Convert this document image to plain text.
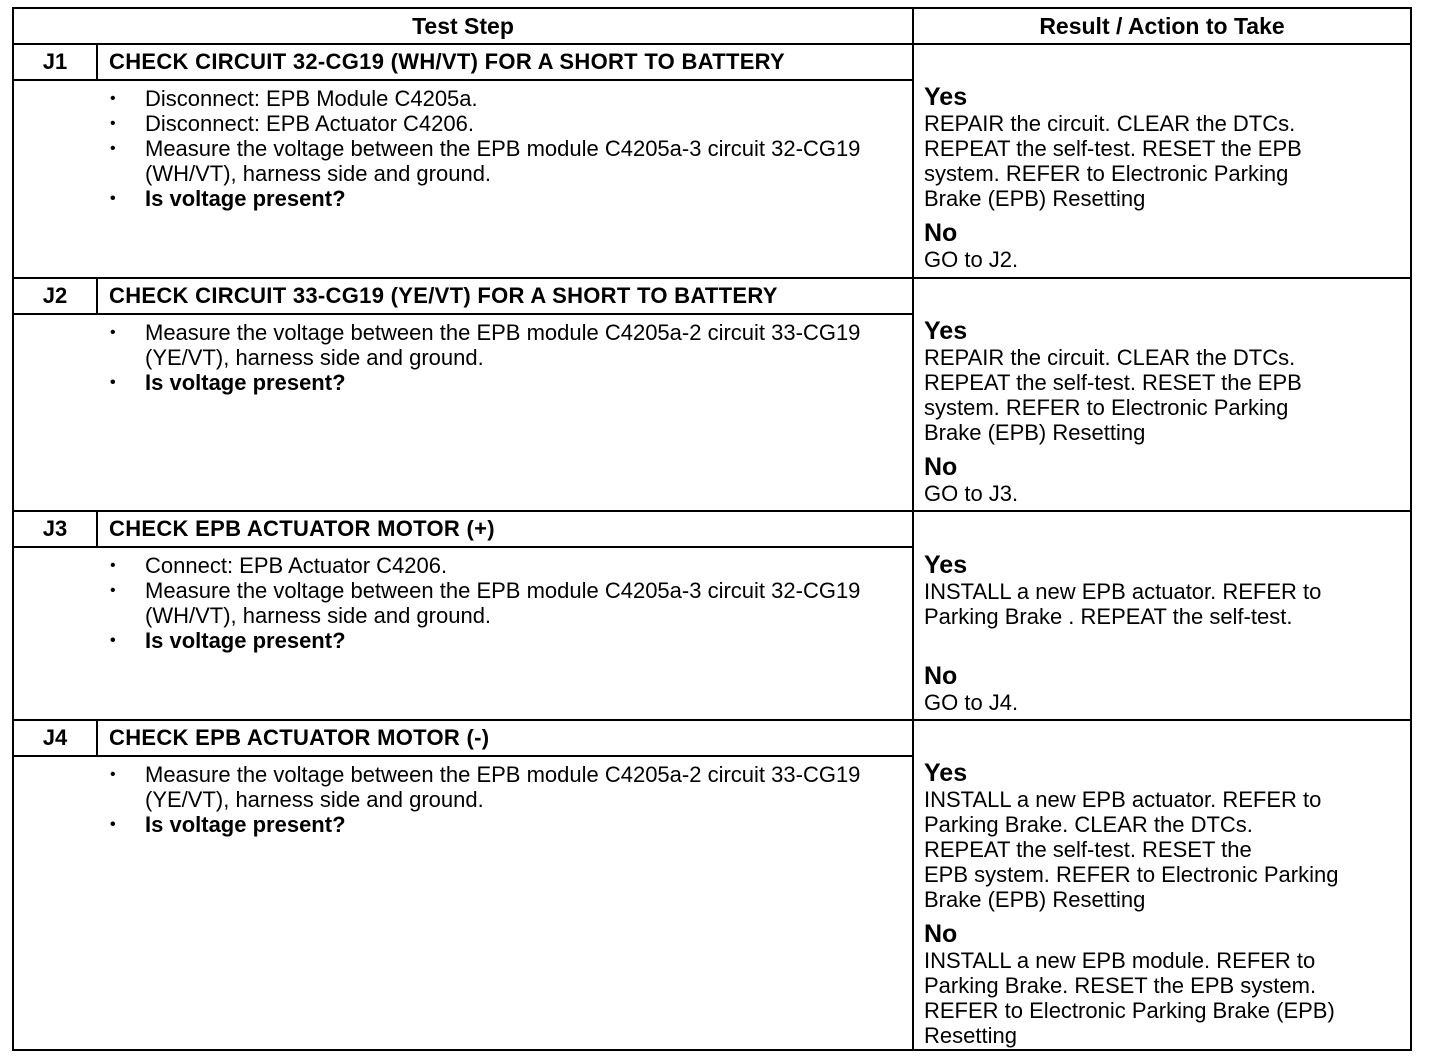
Test Step	Result / Action to Take
J1	CHECK CIRCUIT 32-CG19 (WH/VT) FOR A SHORT TO BATTERY
• Disconnect: EPB Module C4205a.
• Disconnect: EPB Actuator C4206.
• Measure the voltage between the EPB module C4205a-3 circuit 32-CG19 (WH/VT), harness side and ground.
• Is voltage present?
Yes
REPAIR the circuit. CLEAR the DTCs.
REPEAT the self-test. RESET the EPB
system. REFER to Electronic Parking
Brake (EPB) Resetting
No
GO to J2.
J2	CHECK CIRCUIT 33-CG19 (YE/VT) FOR A SHORT TO BATTERY
• Measure the voltage between the EPB module C4205a-2 circuit 33-CG19 (YE/VT), harness side and ground.
• Is voltage present?
Yes
REPAIR the circuit. CLEAR the DTCs.
REPEAT the self-test. RESET the EPB
system. REFER to Electronic Parking
Brake (EPB) Resetting
No
GO to J3.
J3	CHECK EPB ACTUATOR MOTOR (+)
• Connect: EPB Actuator C4206.
• Measure the voltage between the EPB module C4205a-3 circuit 32-CG19 (WH/VT), harness side and ground.
• Is voltage present?
Yes
INSTALL a new EPB actuator. REFER to
Parking Brake . REPEAT the self-test.
No
GO to J4.
J4	CHECK EPB ACTUATOR MOTOR (-)
• Measure the voltage between the EPB module C4205a-2 circuit 33-CG19 (YE/VT), harness side and ground.
• Is voltage present?
Yes
INSTALL a new EPB actuator. REFER to
Parking Brake. CLEAR the DTCs.
REPEAT the self-test. RESET the
EPB system. REFER to Electronic Parking
Brake (EPB) Resetting
No
INSTALL a new EPB module. REFER to
Parking Brake. RESET the EPB system.
REFER to Electronic Parking Brake (EPB)
Resetting
